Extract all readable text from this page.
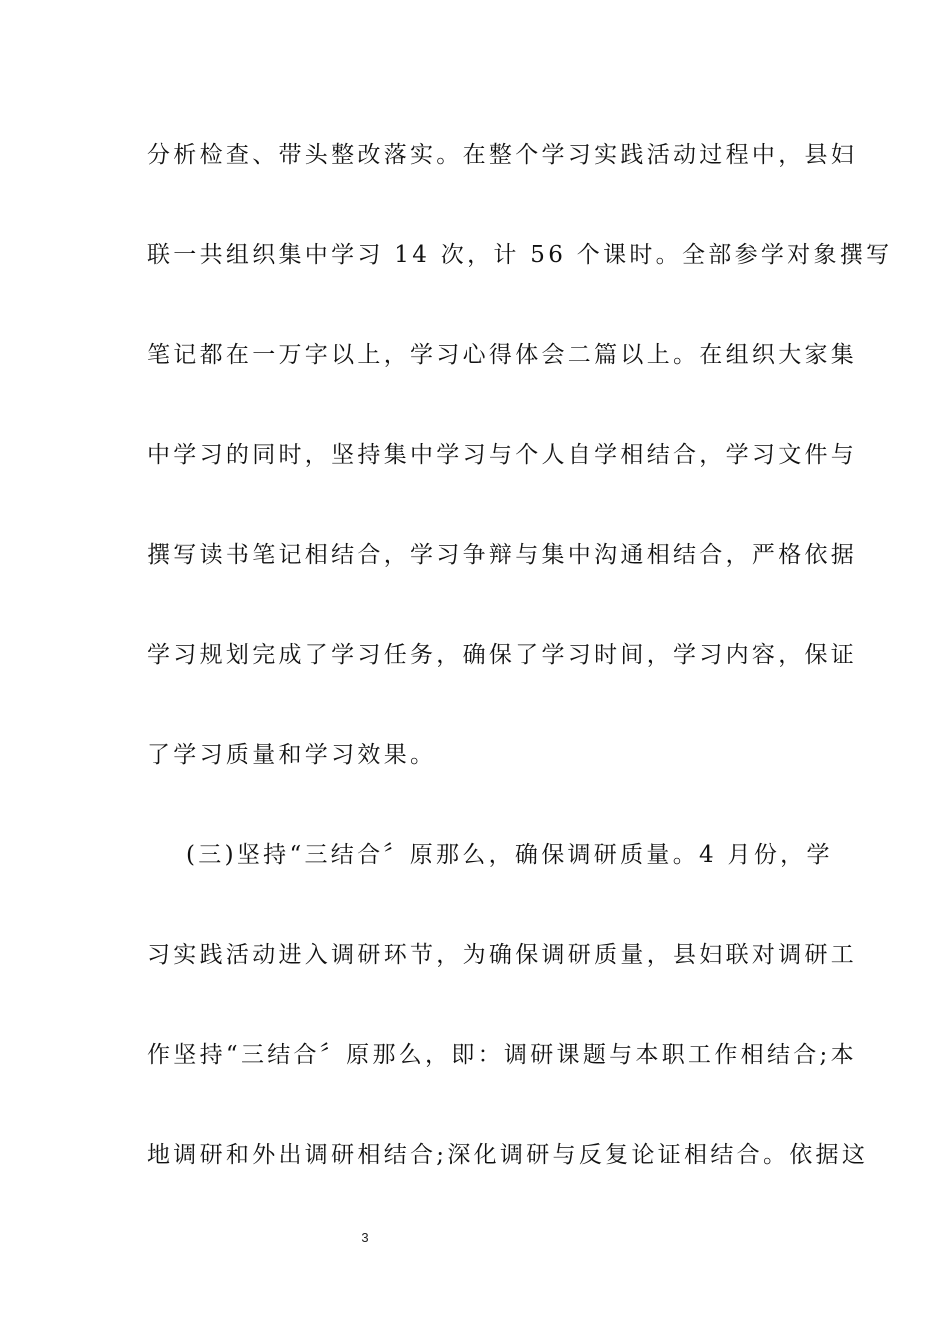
分析检查、带头整改落实。在整个学习实践活动过程中，县妇
联一共组织集中学习 14 次，计 56 个课时。全部参学对象撰写
笔记都在一万字以上，学习心得体会二篇以上。在组织大家集
中学习的同时，坚持集中学习与个人自学相结合，学习文件与
撰写读书笔记相结合，学习争辩与集中沟通相结合，严格依据
学习规划完成了学习任务，确保了学习时间，学习内容，保证
了学习质量和学习效果。
(三)坚持“三结合〞原那么，确保调研质量。4 月份，学
习实践活动进入调研环节，为确保调研质量，县妇联对调研工
作坚持“三结合〞原那么，即：调研课题与本职工作相结合;本
地调研和外出调研相结合;深化调研与反复论证相结合。依据这
3
